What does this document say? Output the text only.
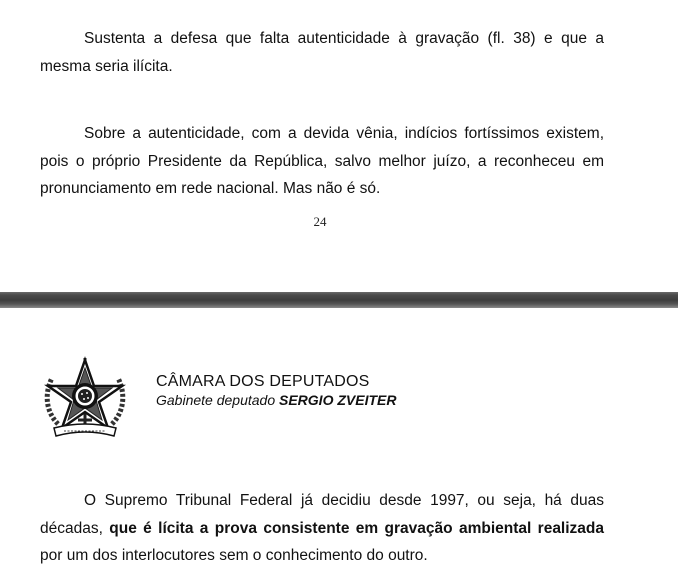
Sustenta a defesa que falta autenticidade à gravação (fl. 38) e que a mesma seria ilícita.

Sobre a autenticidade, com a devida vênia, indícios fortíssimos existem, pois o próprio Presidente da República, salvo melhor juízo, a reconheceu em pronunciamento em rede nacional. Mas não é só.

24
CÂMARA DOS DEPUTADOS
Gabinete deputado SERGIO ZVEITER

O Supremo Tribunal Federal já decidiu desde 1997, ou seja, há duas décadas, que é lícita a prova consistente em gravação ambiental realizada por um dos interlocutores sem o conhecimento do outro.
